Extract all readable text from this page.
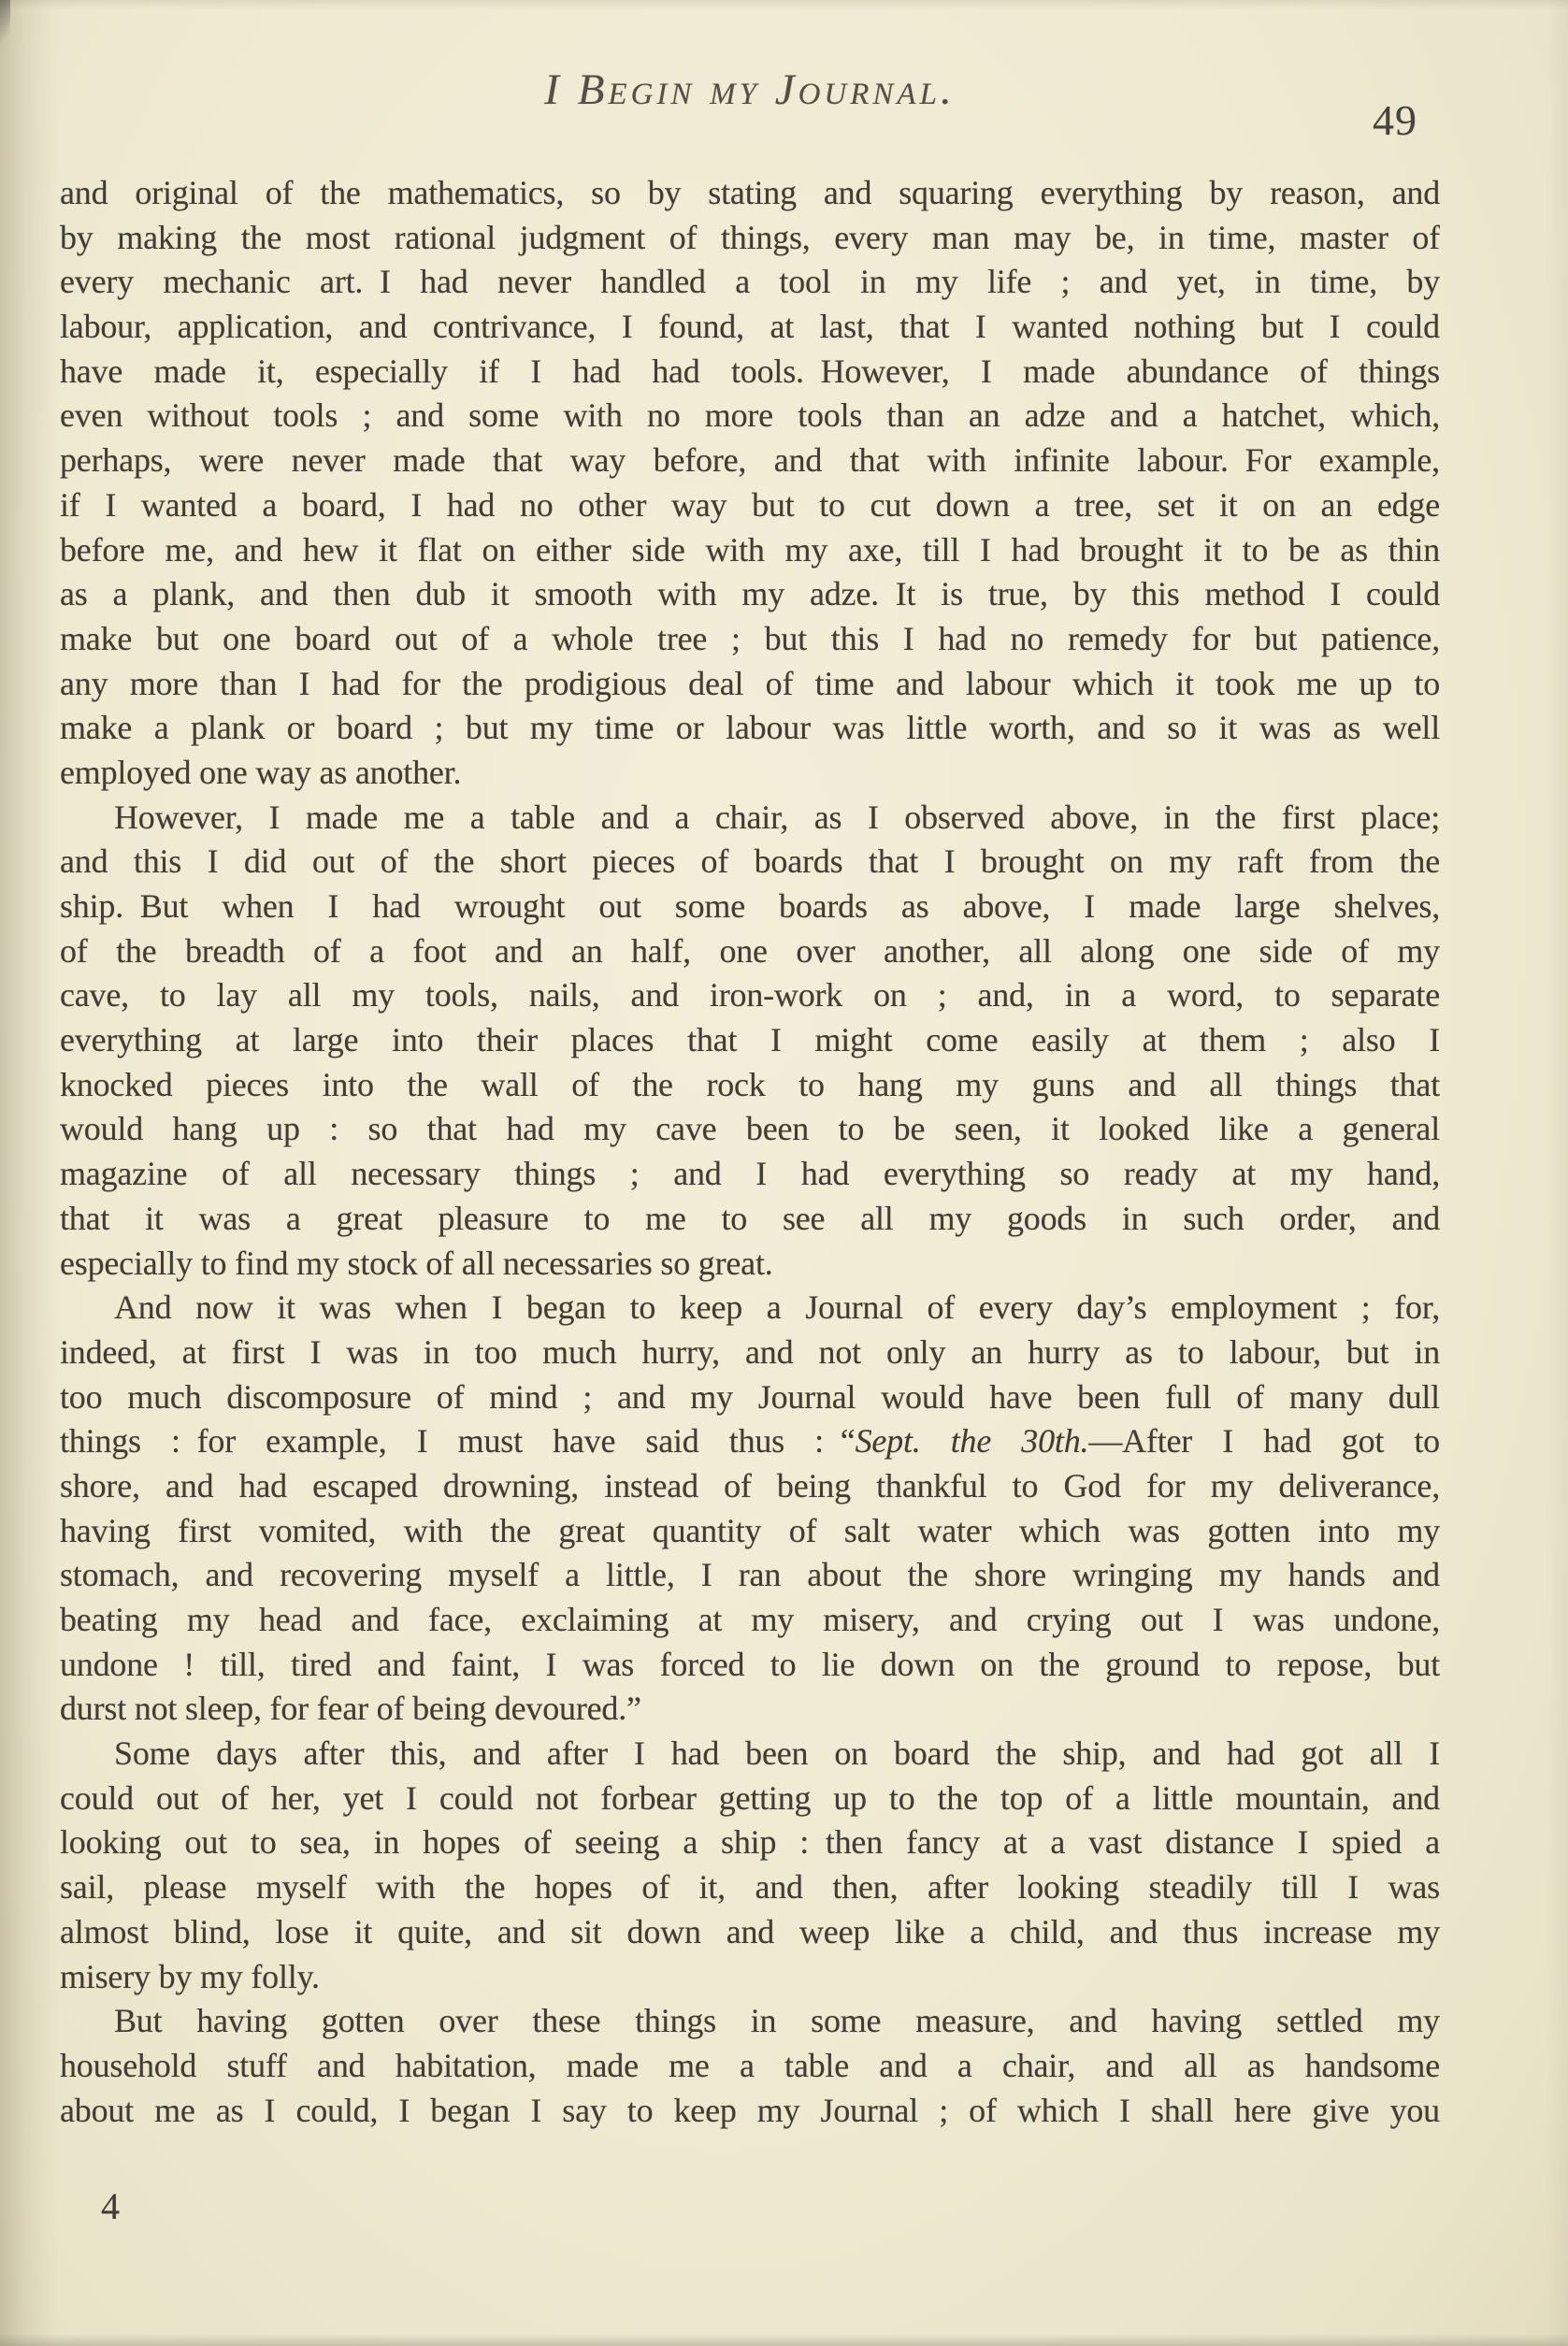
I Begin my Journal.
49
and original of the mathematics, so by stating and squaring everything by reason, and
by making the most rational judgment of things, every man may be, in time, master of
every mechanic art. I had never handled a tool in my life ; and yet, in time, by
labour, application, and contrivance, I found, at last, that I wanted nothing but I could
have made it, especially if I had had tools. However, I made abundance of things
even without tools ; and some with no more tools than an adze and a hatchet, which,
perhaps, were never made that way before, and that with infinite labour. For example,
if I wanted a board, I had no other way but to cut down a tree, set it on an edge
before me, and hew it flat on either side with my axe, till I had brought it to be as thin
as a plank, and then dub it smooth with my adze. It is true, by this method I could
make but one board out of a whole tree ; but this I had no remedy for but patience,
any more than I had for the prodigious deal of time and labour which it took me up to
make a plank or board ; but my time or labour was little worth, and so it was as well
employed one way as another.
However, I made me a table and a chair, as I observed above, in the first place;
and this I did out of the short pieces of boards that I brought on my raft from the
ship. But when I had wrought out some boards as above, I made large shelves,
of the breadth of a foot and an half, one over another, all along one side of my
cave, to lay all my tools, nails, and iron-work on ; and, in a word, to separate
everything at large into their places that I might come easily at them ; also I
knocked pieces into the wall of the rock to hang my guns and all things that
would hang up : so that had my cave been to be seen, it looked like a general
magazine of all necessary things ; and I had everything so ready at my hand,
that it was a great pleasure to me to see all my goods in such order, and
especially to find my stock of all necessaries so great.
And now it was when I began to keep a Journal of every day’s employment ; for,
indeed, at first I was in too much hurry, and not only an hurry as to labour, but in
too much discomposure of mind ; and my Journal would have been full of many dull
things : for example, I must have said thus : “Sept. the 30th.—After I had got to
shore, and had escaped drowning, instead of being thankful to God for my deliverance,
having first vomited, with the great quantity of salt water which was gotten into my
stomach, and recovering myself a little, I ran about the shore wringing my hands and
beating my head and face, exclaiming at my misery, and crying out I was undone,
undone ! till, tired and faint, I was forced to lie down on the ground to repose, but
durst not sleep, for fear of being devoured.”
Some days after this, and after I had been on board the ship, and had got all I
could out of her, yet I could not forbear getting up to the top of a little mountain, and
looking out to sea, in hopes of seeing a ship : then fancy at a vast distance I spied a
sail, please myself with the hopes of it, and then, after looking steadily till I was
almost blind, lose it quite, and sit down and weep like a child, and thus increase my
misery by my folly.
But having gotten over these things in some measure, and having settled my
household stuff and habitation, made me a table and a chair, and all as handsome
about me as I could, I began I say to keep my Journal ; of which I shall here give you
4
